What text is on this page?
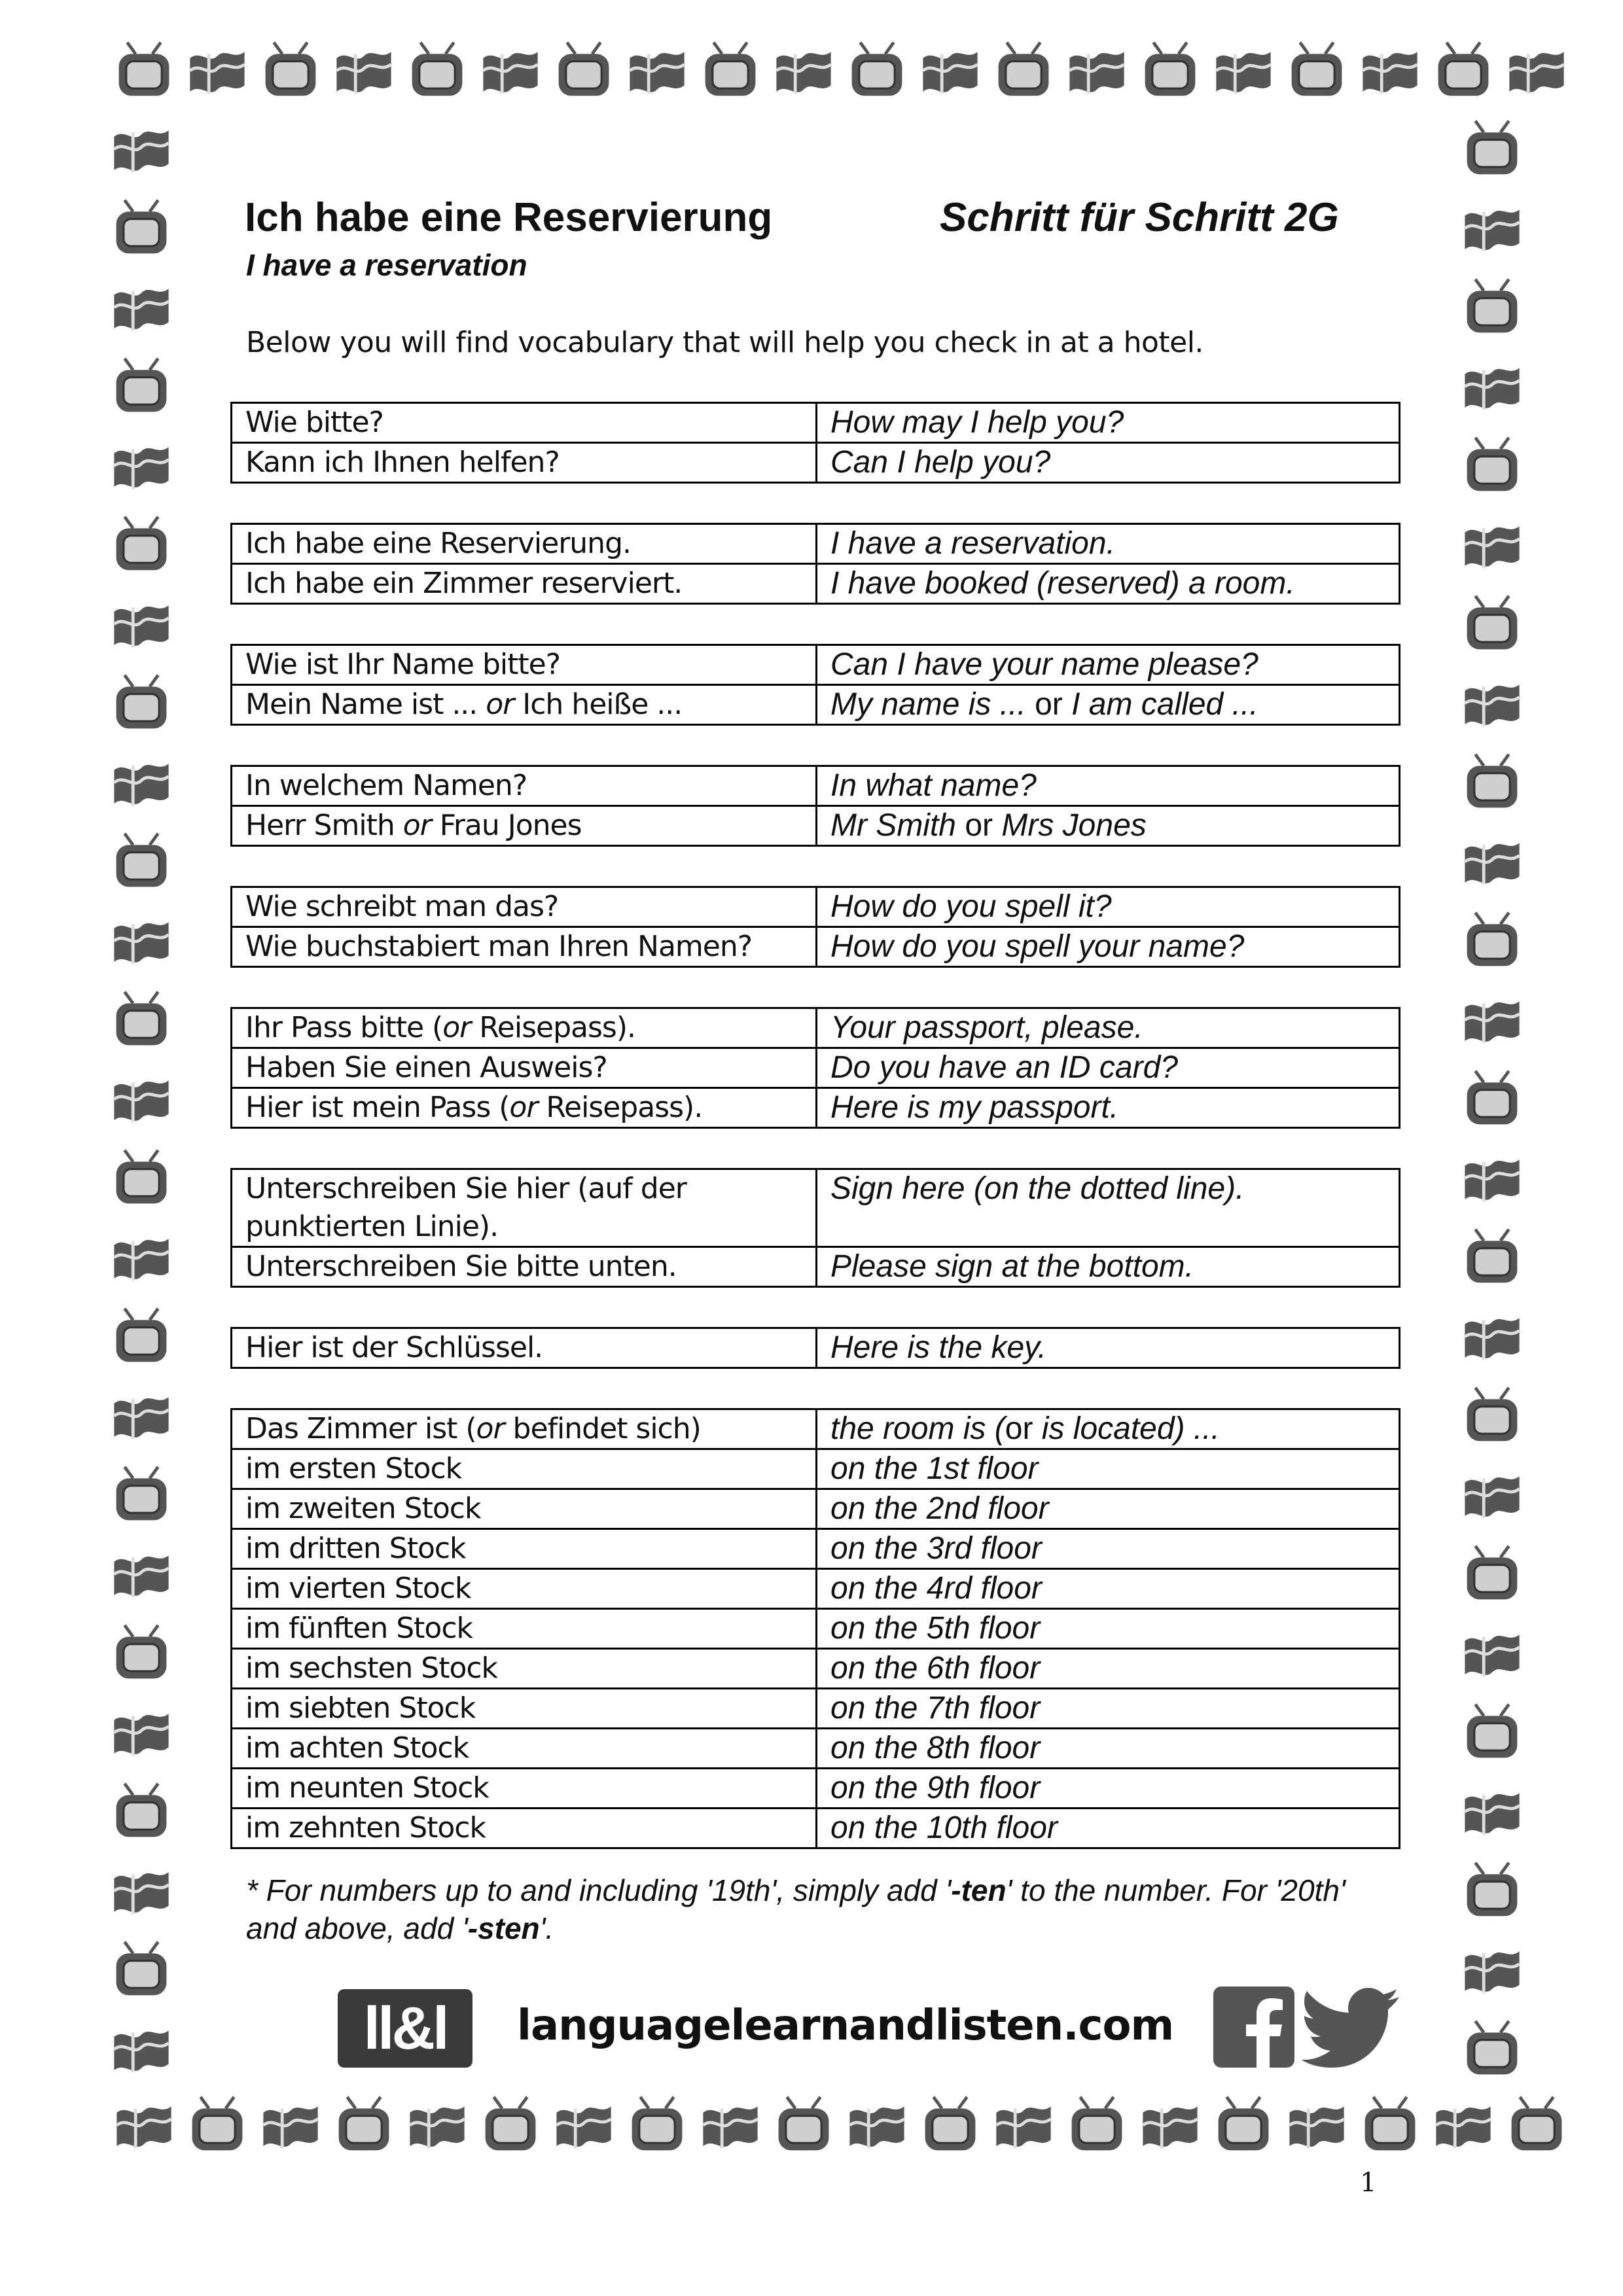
Ich habe eine Reservierung	Schritt für Schritt 2G
I have a reservation
Below you will find vocabulary that will help you check in at a hotel.
Wie bitte?	How may I help you?
Kann ich Ihnen helfen?	Can I help you?
Ich habe eine Reservierung.	I have a reservation.
Ich habe ein Zimmer reserviert.	I have booked (reserved) a room.
Wie ist Ihr Name bitte?	Can I have your name please?
Mein Name ist ... or Ich heiße ...	My name is ... or I am called ...
In welchem Namen?	In what name?
Herr Smith or Frau Jones	Mr Smith or Mrs Jones
Wie schreibt man das?	How do you spell it?
Wie buchstabiert man Ihren Namen?	How do you spell your name?
Ihr Pass bitte (or Reisepass).	Your passport, please.
Haben Sie einen Ausweis?	Do you have an ID card?
Hier ist mein Pass (or Reisepass).	Here is my passport.
Unterschreiben Sie hier (auf der punktierten Linie).	Sign here (on the dotted line).
Unterschreiben Sie bitte unten.	Please sign at the bottom.
Hier ist der Schlüssel.	Here is the key.
Das Zimmer ist (or befindet sich)	the room is (or is located) ...
im ersten Stock	on the 1st floor
im zweiten Stock	on the 2nd floor
im dritten Stock	on the 3rd floor
im vierten Stock	on the 4rd floor
im fünften Stock	on the 5th floor
im sechsten Stock	on the 6th floor
im siebten Stock	on the 7th floor
im achten Stock	on the 8th floor
im neunten Stock	on the 9th floor
im zehnten Stock	on the 10th floor
* For numbers up to and including '19th', simply add '-ten' to the number. For '20th' and above, add '-sten'.
ll&l	languagelearnandlisten.com
1
